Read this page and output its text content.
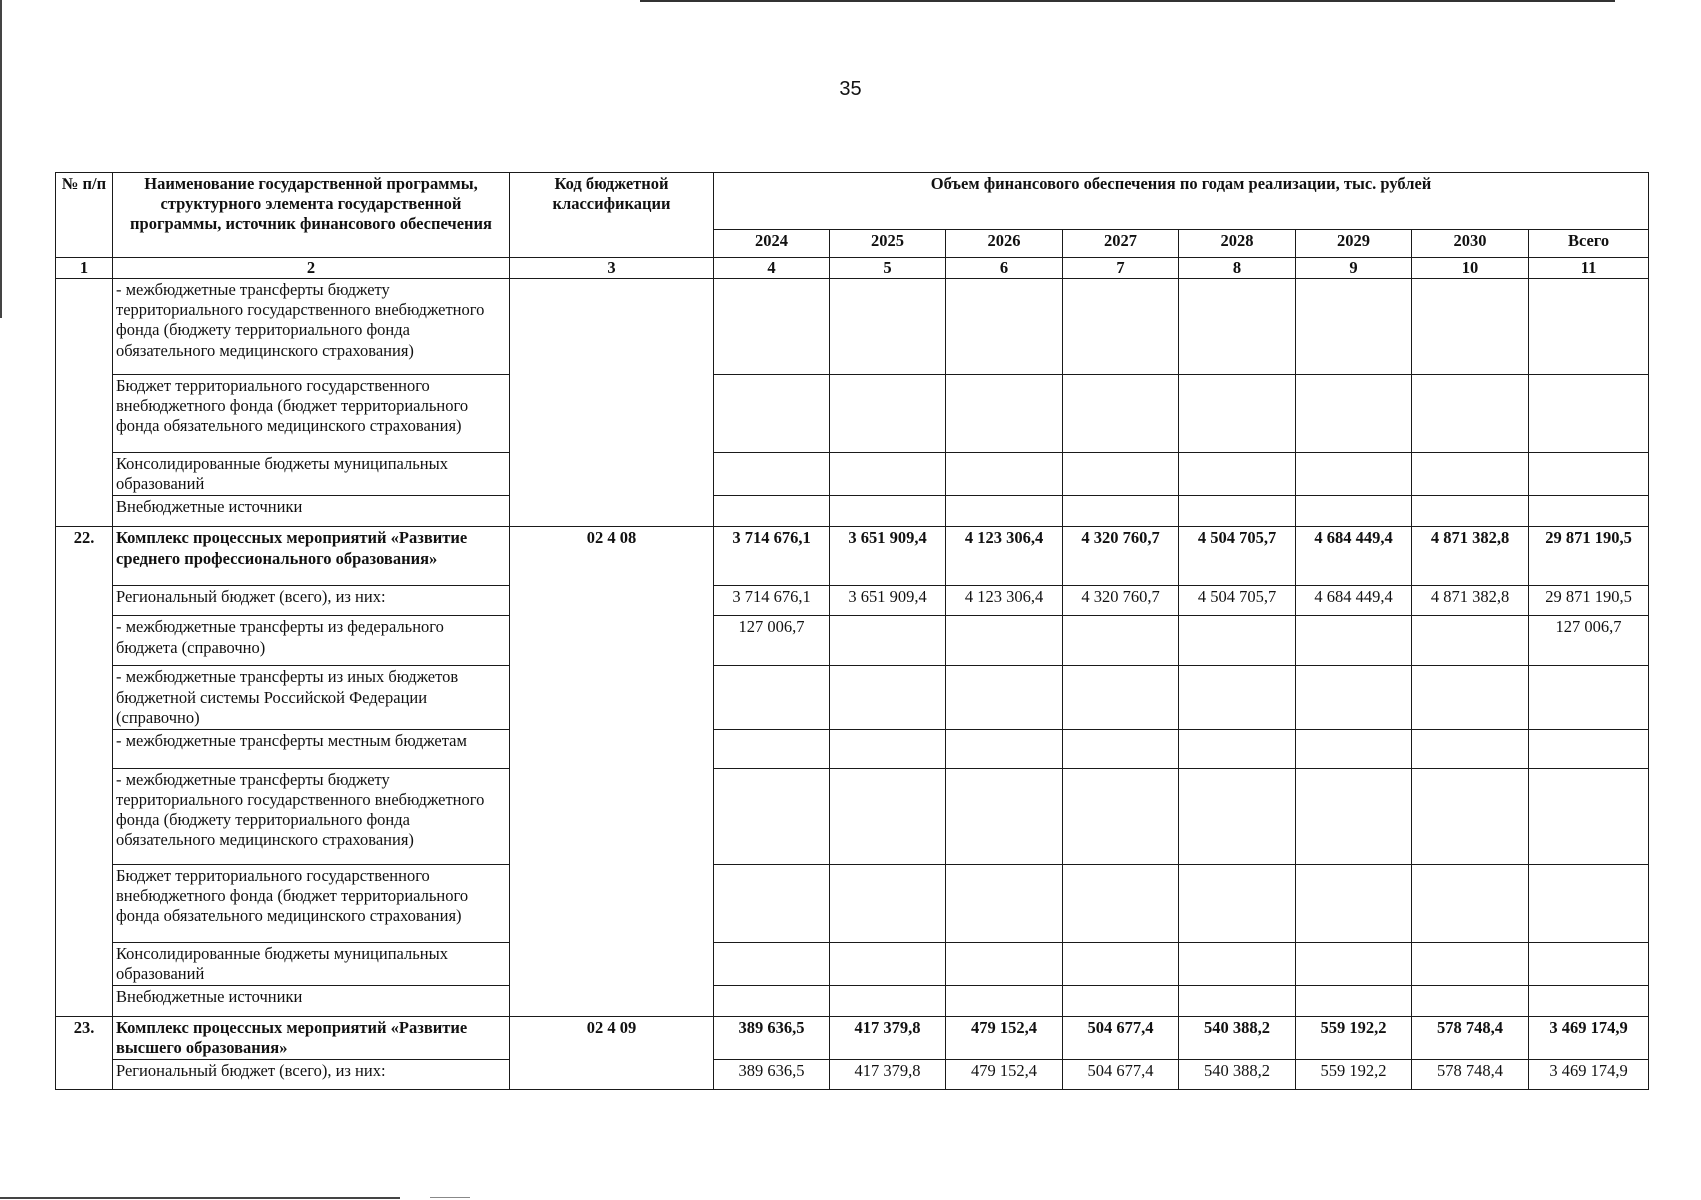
35
№ п/п	Наименование государственной программы, структурного элемента государственной программы, источник финансового обеспечения	Код бюджетной классификации	Объем финансового обеспечения по годам реализации, тыс. рублей							
			2024	2025	2026	2027	2028	2029	2030	Всего
1	2	3	4	5	6	7	8	9	10	11
	- межбюджетные трансферты бюджету территориального государственного внебюджетного фонда (бюджету территориального фонда обязательного медицинского страхования)									
	Бюджет территориального государственного внебюджетного фонда (бюджет территориального фонда обязательного медицинского страхования)									
	Консолидированные бюджеты муниципальных образований									
	Внебюджетные источники									
22.	Комплекс процессных мероприятий «Развитие среднего профессионального образования»	02 4 08	3 714 676,1	3 651 909,4	4 123 306,4	4 320 760,7	4 504 705,7	4 684 449,4	4 871 382,8	29 871 190,5
	Региональный бюджет (всего), из них:		3 714 676,1	3 651 909,4	4 123 306,4	4 320 760,7	4 504 705,7	4 684 449,4	4 871 382,8	29 871 190,5
	- межбюджетные трансферты из федерального бюджета (справочно)		127 006,7							127 006,7
	- межбюджетные трансферты из иных бюджетов бюджетной системы Российской Федерации (справочно)									
	- межбюджетные трансферты местным бюджетам									
	- межбюджетные трансферты бюджету территориального государственного внебюджетного фонда (бюджету территориального фонда обязательного медицинского страхования)									
	Бюджет территориального государственного внебюджетного фонда (бюджет территориального фонда обязательного медицинского страхования)									
	Консолидированные бюджеты муниципальных образований									
	Внебюджетные источники									
23.	Комплекс процессных мероприятий «Развитие высшего образования»	02 4 09	389 636,5	417 379,8	479 152,4	504 677,4	540 388,2	559 192,2	578 748,4	3 469 174,9
	Региональный бюджет (всего), из них:		389 636,5	417 379,8	479 152,4	504 677,4	540 388,2	559 192,2	578 748,4	3 469 174,9
